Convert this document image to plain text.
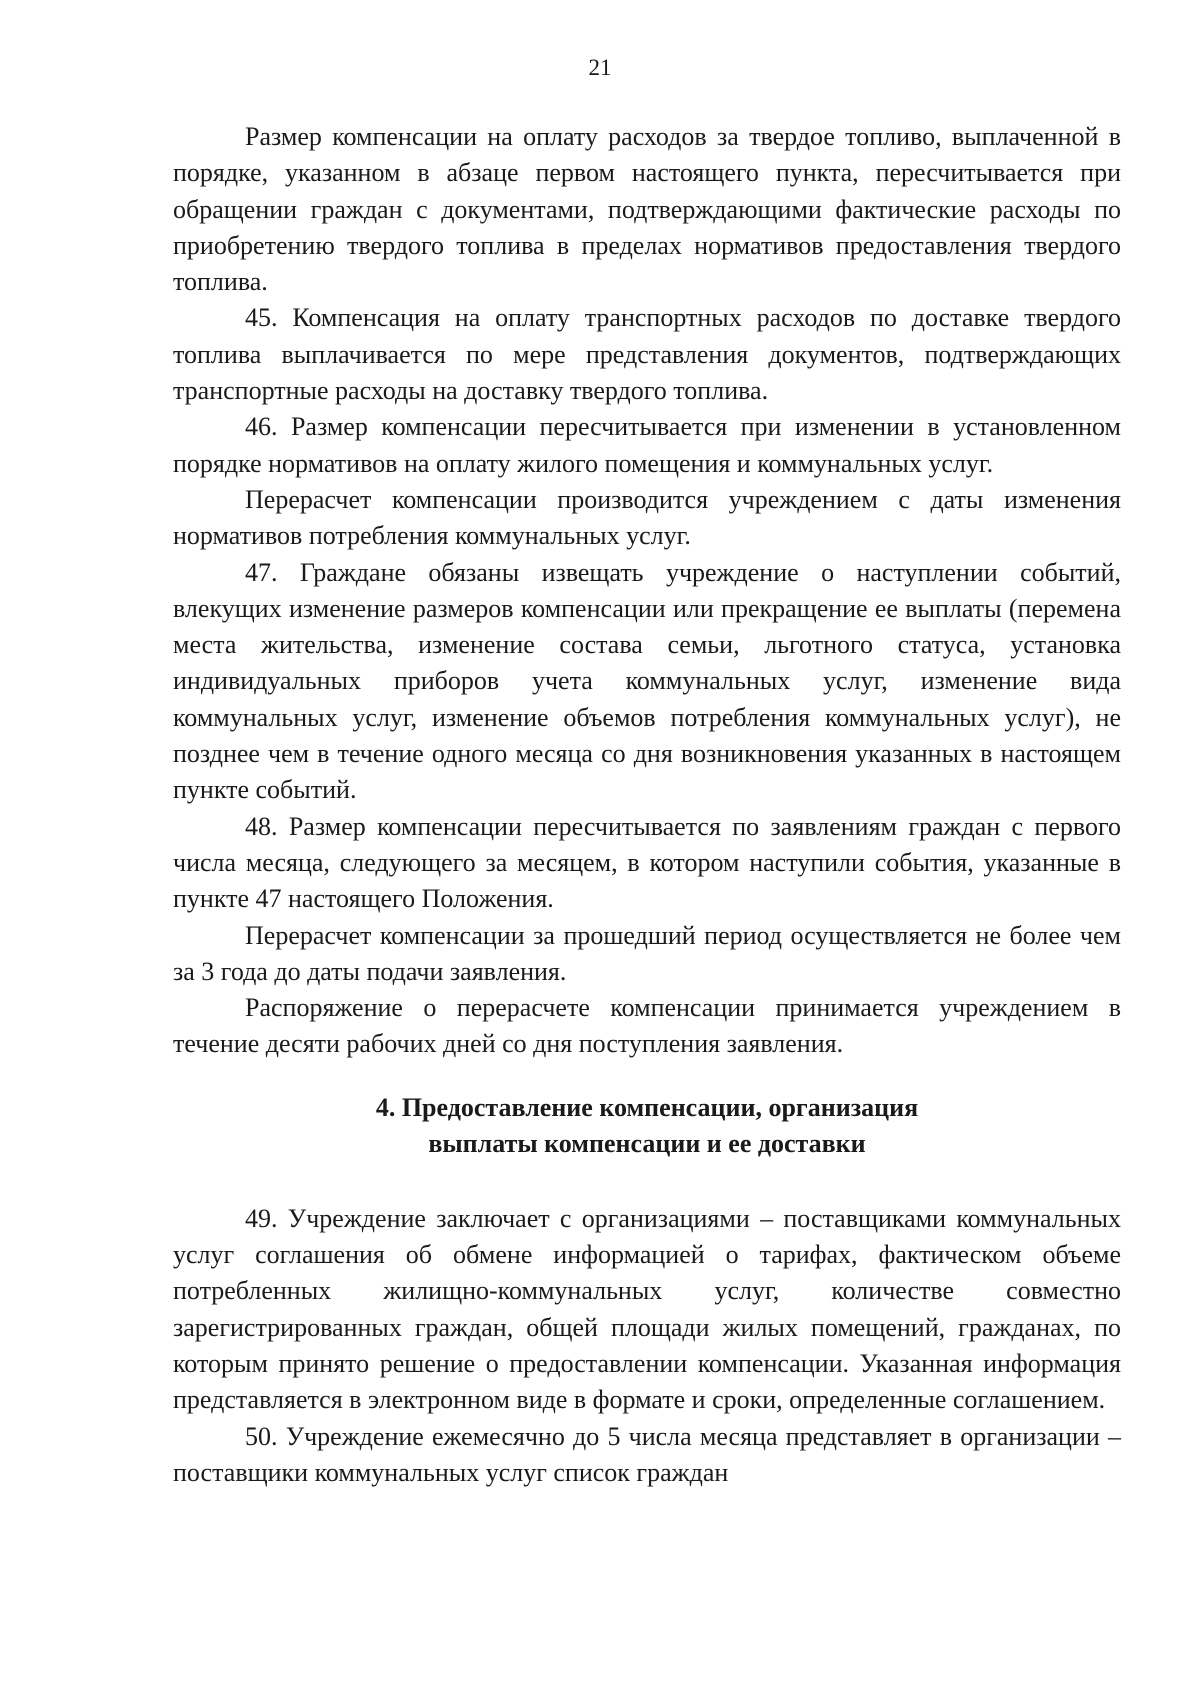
21

Размер компенсации на оплату расходов за твердое топливо, выплаченной в порядке, указанном в абзаце первом настоящего пункта, пересчитывается при обращении граждан с документами, подтверждающими фактические расходы по приобретению твердого топлива в пределах нормативов предоставления твердого топлива.

45. Компенсация на оплату транспортных расходов по доставке твердого топлива выплачивается по мере представления документов, подтверждающих транспортные расходы на доставку твердого топлива.

46. Размер компенсации пересчитывается при изменении в установленном порядке нормативов на оплату жилого помещения и коммунальных услуг.

Перерасчет компенсации производится учреждением с даты изменения нормативов потребления коммунальных услуг.

47. Граждане обязаны извещать учреждение о наступлении событий, влекущих изменение размеров компенсации или прекращение ее выплаты (перемена места жительства, изменение состава семьи, льготного статуса, установка индивидуальных приборов учета коммунальных услуг, изменение вида коммунальных услуг, изменение объемов потребления коммунальных услуг), не позднее чем в течение одного месяца со дня возникновения указанных в настоящем пункте событий.

48. Размер компенсации пересчитывается по заявлениям граждан с первого числа месяца, следующего за месяцем, в котором наступили события, указанные в пункте 47 настоящего Положения.

Перерасчет компенсации за прошедший период осуществляется не более чем за 3 года до даты подачи заявления.

Распоряжение о перерасчете компенсации принимается учреждением в течение десяти рабочих дней со дня поступления заявления.

4. Предоставление компенсации, организация
выплаты компенсации и ее доставки

49. Учреждение заключает с организациями – поставщиками коммунальных услуг соглашения об обмене информацией о тарифах, фактическом объеме потребленных жилищно-коммунальных услуг, количестве совместно зарегистрированных граждан, общей площади жилых помещений, гражданах, по которым принято решение о предоставлении компенсации. Указанная информация представляется в электронном виде в формате и сроки, определенные соглашением.

50. Учреждение ежемесячно до 5 числа месяца представляет в организации – поставщики коммунальных услуг список граждан
